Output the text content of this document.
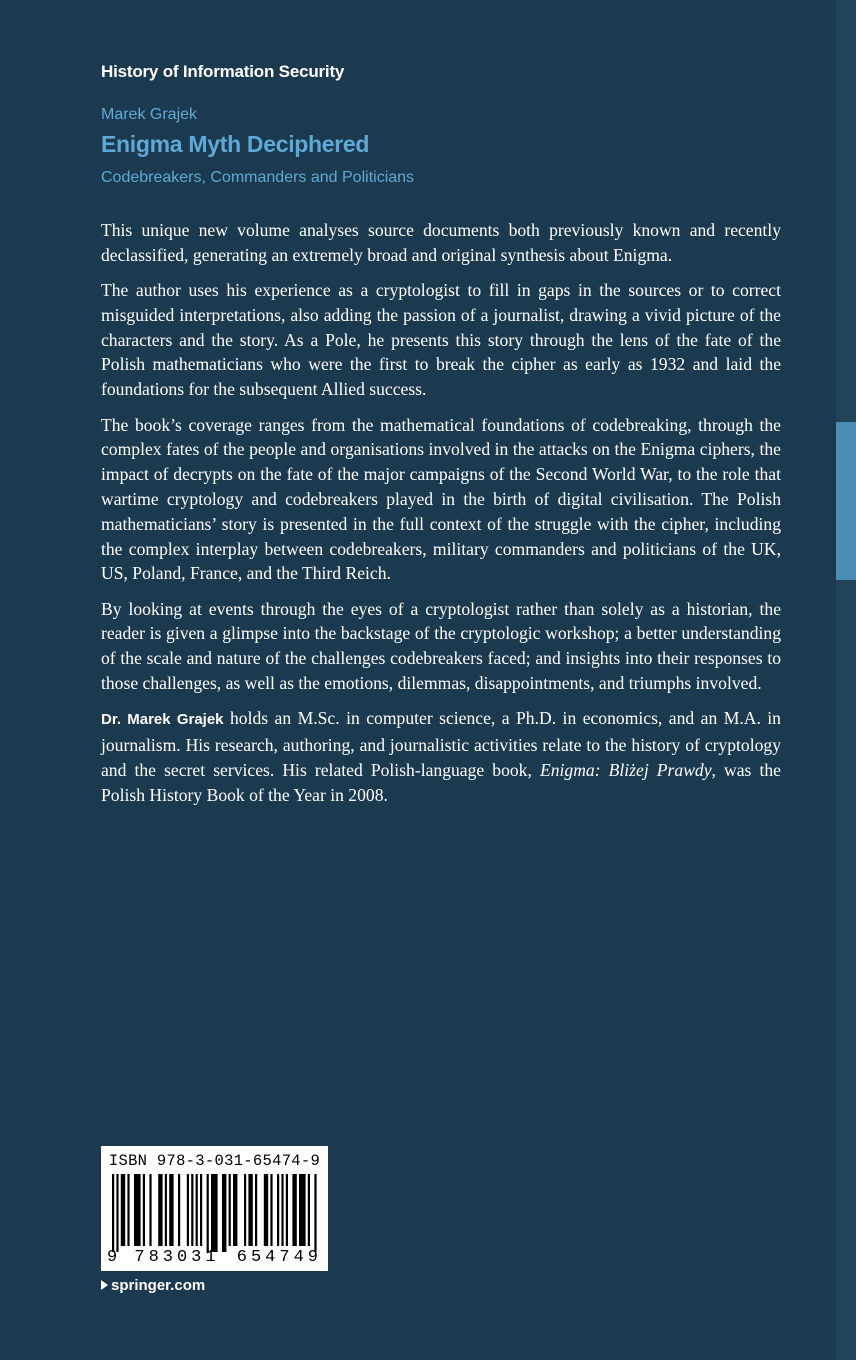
History of Information Security
Marek Grajek
Enigma Myth Deciphered
Codebreakers, Commanders and Politicians

This unique new volume analyses source documents both previously known and recently declassified, generating an extremely broad and original synthesis about Enigma.

The author uses his experience as a cryptologist to fill in gaps in the sources or to correct misguided interpretations, also adding the passion of a journalist, drawing a vivid picture of the characters and the story. As a Pole, he presents this story through the lens of the fate of the Polish mathematicians who were the first to break the cipher as early as 1932 and laid the foundations for the subsequent Allied success.

The book’s coverage ranges from the mathematical foundations of codebreaking, through the complex fates of the people and organisations involved in the attacks on the Enigma ciphers, the impact of decrypts on the fate of the major campaigns of the Second World War, to the role that wartime cryptology and codebreakers played in the birth of digital civilisation. The Polish mathematicians’ story is presented in the full context of the struggle with the cipher, including the complex interplay between codebreakers, military commanders and politicians of the UK, US, Poland, France, and the Third Reich.

By looking at events through the eyes of a cryptologist rather than solely as a historian, the reader is given a glimpse into the backstage of the cryptologic workshop; a better understanding of the scale and nature of the challenges codebreakers faced; and insights into their responses to those challenges, as well as the emotions, dilemmas, disappointments, and triumphs involved.

Dr. Marek Grajek holds an M.Sc. in computer science, a Ph.D. in economics, and an M.A. in journalism. His research, authoring, and journalistic activities relate to the history of cryptology and the secret services. His related Polish-language book, Enigma: Bliżej Prawdy, was the Polish History Book of the Year in 2008.

ISBN 978-3-031-65474-9
9 783031 654749
springer.com
